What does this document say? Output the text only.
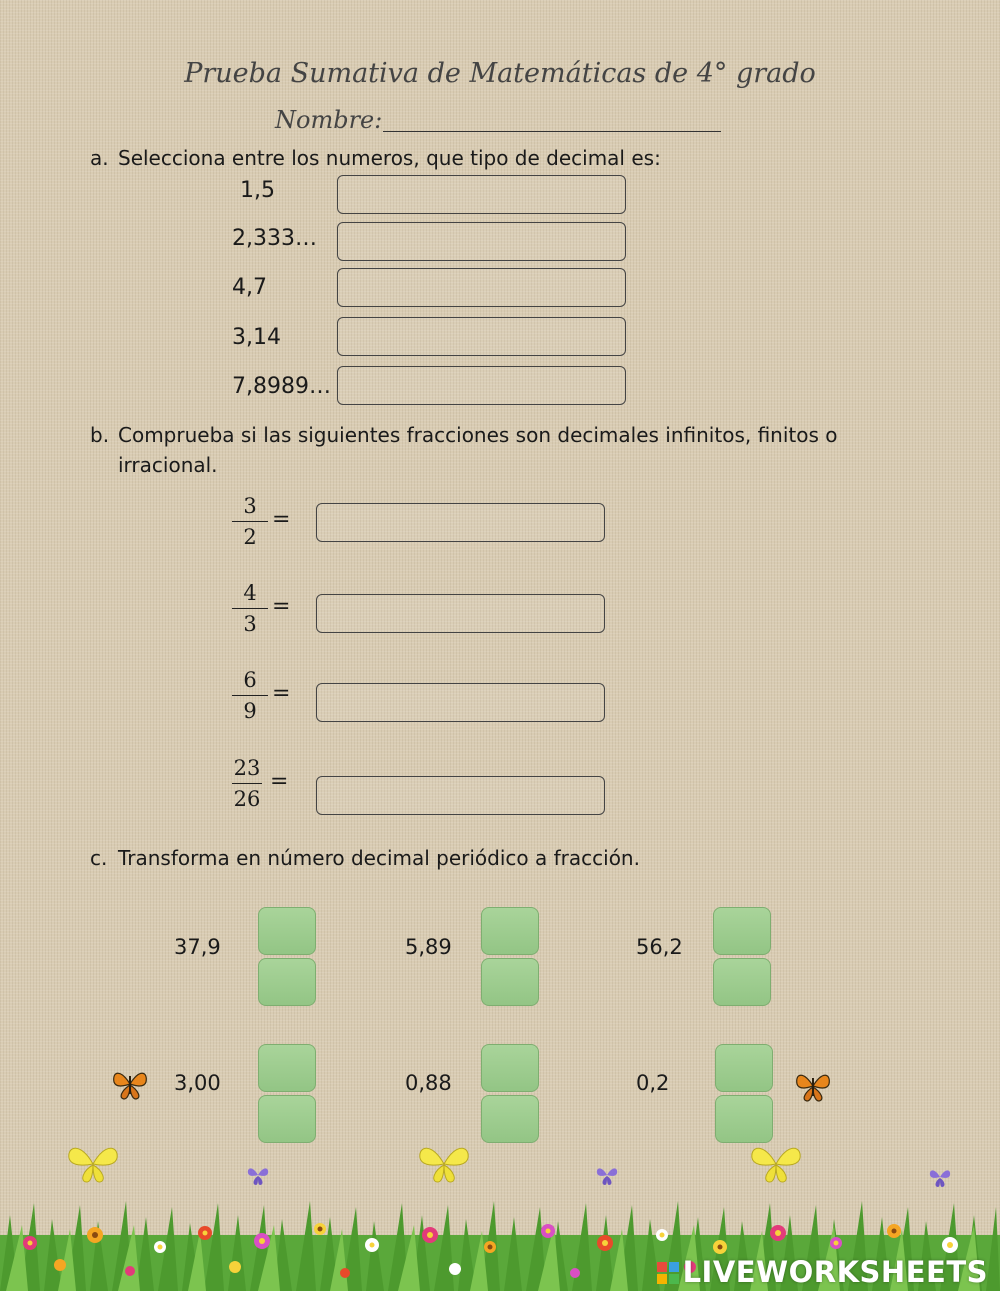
Prueba Sumativa de Matemáticas de 4° grado
Nombre:
a. Selecciona entre los numeros, que tipo de decimal es:
1,5
2,333…
4,7
3,14
7,8989…
b. Comprueba si las siguientes fracciones son decimales infinitos, finitos o
irracional.
3
2
=
4
3
=
6
9
=
23
26
=
c. Transforma en número decimal periódico a fracción.
37,9	5,89	56,2
3,00	0,88	0,2
LIVEWORKSHEETS
